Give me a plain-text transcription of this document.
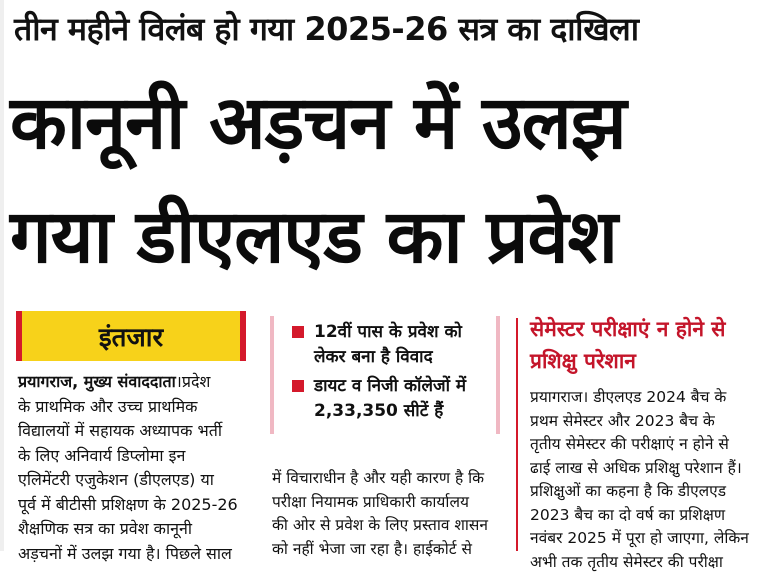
तीन महीने विलंब हो गया 2025-26 सत्र का दाखिला
कानूनी अड़चन में उलझ
गया डीएलएड का प्रवेश
इंतजार
प्रयागराज, मुख्य संवाददाता।प्रदेश
के प्राथमिक और उच्च प्राथमिक
विद्यालयों में सहायक अध्यापक भर्ती
के लिए अनिवार्य डिप्लोमा इन
एलिमेंटरी एजुकेशन (डीएलएड) या
पूर्व में बीटीसी प्रशिक्षण के 2025-26
शैक्षणिक सत्र का प्रवेश कानूनी
अड़चनों में उलझ गया है। पिछले साल
12वीं पास के प्रवेश को लेकर बना है विवाद
डायट व निजी कॉलेजों में 2,33,350 सीटें हैं
में विचाराधीन है और यही कारण है कि
परीक्षा नियामक प्राधिकारी कार्यालय
की ओर से प्रवेश के लिए प्रस्ताव शासन
को नहीं भेजा जा रहा है। हाईकोर्ट से
सेमेस्टर परीक्षाएं न होने से प्रशिक्षु परेशान
प्रयागराज। डीएलएड 2024 बैच के
प्रथम सेमेस्टर और 2023 बैच के
तृतीय सेमेस्टर की परीक्षाएं न होने से
ढाई लाख से अधिक प्रशिक्षु परेशान हैं।
प्रशिक्षुओं का कहना है कि डीएलएड
2023 बैच का दो वर्ष का प्रशिक्षण
नवंबर 2025 में पूरा हो जाएगा, लेकिन
अभी तक तृतीय सेमेस्टर की परीक्षा
